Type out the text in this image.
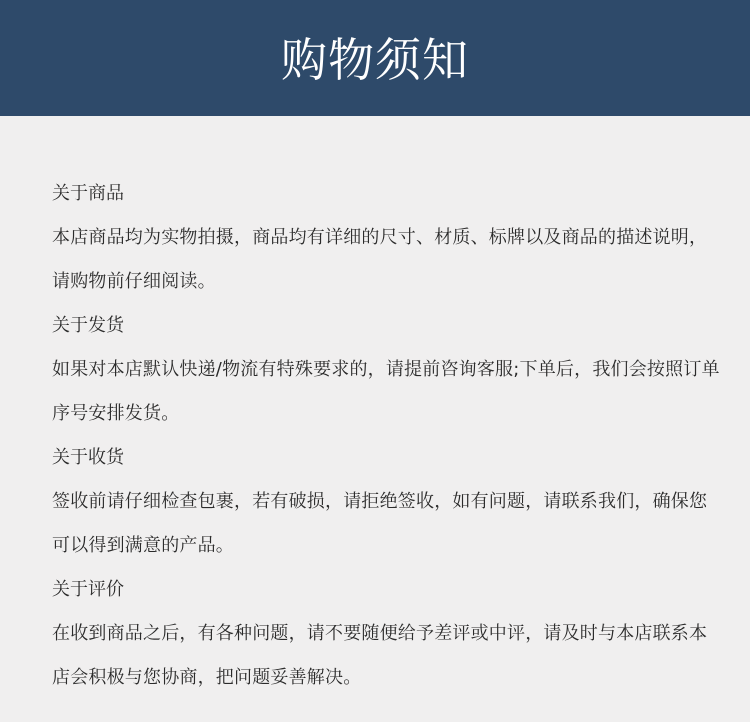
购物须知
关于商品
本店商品均为实物拍摄，商品均有详细的尺寸、材质、标牌以及商品的描述说明，请购物前仔细阅读。
关于发货
如果对本店默认快递/物流有特殊要求的，请提前咨询客服;下单后，我们会按照订单序号安排发货。
关于收货
签收前请仔细检查包裹，若有破损，请拒绝签收，如有问题，请联系我们，确保您可以得到满意的产品。
关于评价
在收到商品之后，有各种问题，请不要随便给予差评或中评，请及时与本店联系本店会积极与您协商，把问题妥善解决。
